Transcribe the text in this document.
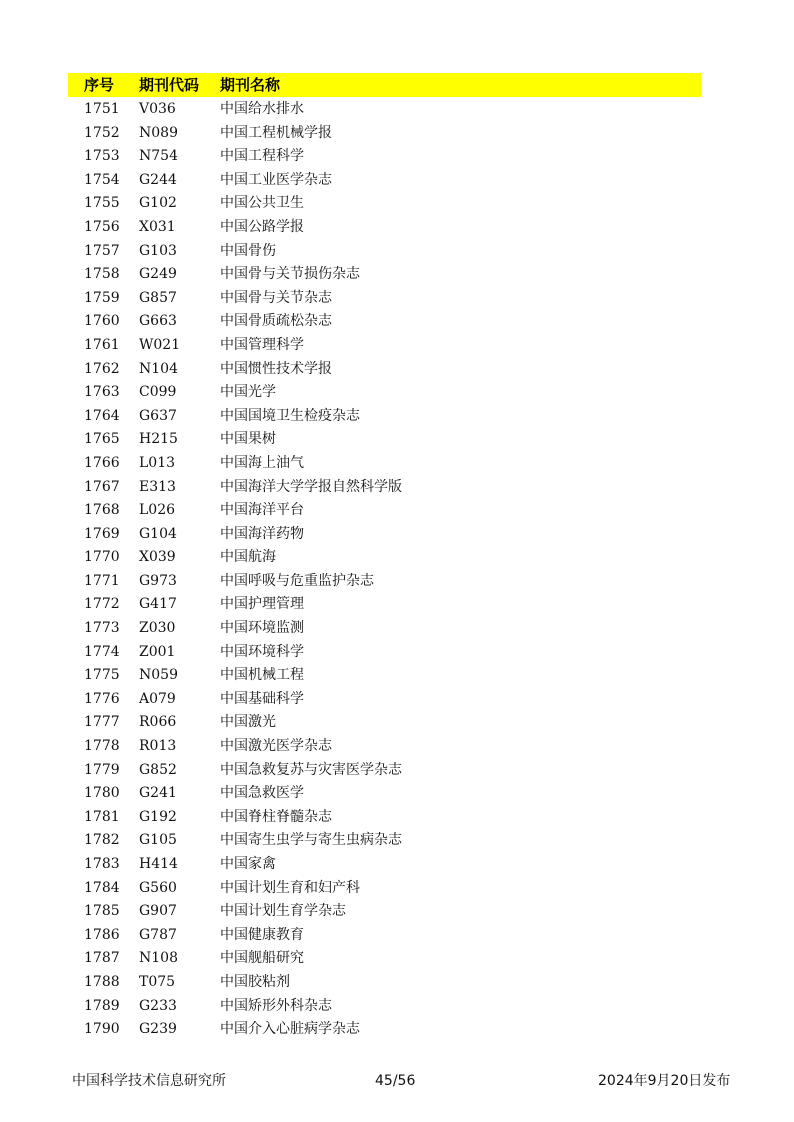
序号 期刊代码 期刊名称
1751 V036	中国给水排水
1752 N089	中国工程机械学报
1753 N754	中国工程科学
1754 G244	中国工业医学杂志
1755 G102	中国公共卫生
1756 X031	中国公路学报
1757 G103	中国骨伤
1758 G249	中国骨与关节损伤杂志
1759 G857	中国骨与关节杂志
1760 G663	中国骨质疏松杂志
1761 W021	中国管理科学
1762 N104	中国惯性技术学报
1763 C099	中国光学
1764 G637	中国国境卫生检疫杂志
1765 H215	中国果树
1766 L013	中国海上油气
1767 E313	中国海洋大学学报自然科学版
1768 L026	中国海洋平台
1769 G104	中国海洋药物
1770 X039	中国航海
1771 G973	中国呼吸与危重监护杂志
1772 G417	中国护理管理
1773 Z030	中国环境监测
1774 Z001	中国环境科学
1775 N059	中国机械工程
1776 A079	中国基础科学
1777 R066	中国激光
1778 R013	中国激光医学杂志
1779 G852	中国急救复苏与灾害医学杂志
1780 G241	中国急救医学
1781 G192	中国脊柱脊髓杂志
1782 G105	中国寄生虫学与寄生虫病杂志
1783 H414	中国家禽
1784 G560	中国计划生育和妇产科
1785 G907	中国计划生育学杂志
1786 G787	中国健康教育
1787 N108	中国舰船研究
1788 T075	中国胶粘剂
1789 G233	中国矫形外科杂志
1790 G239	中国介入心脏病学杂志
中国科学技术信息研究所	45/56	2024年9月20日发布
